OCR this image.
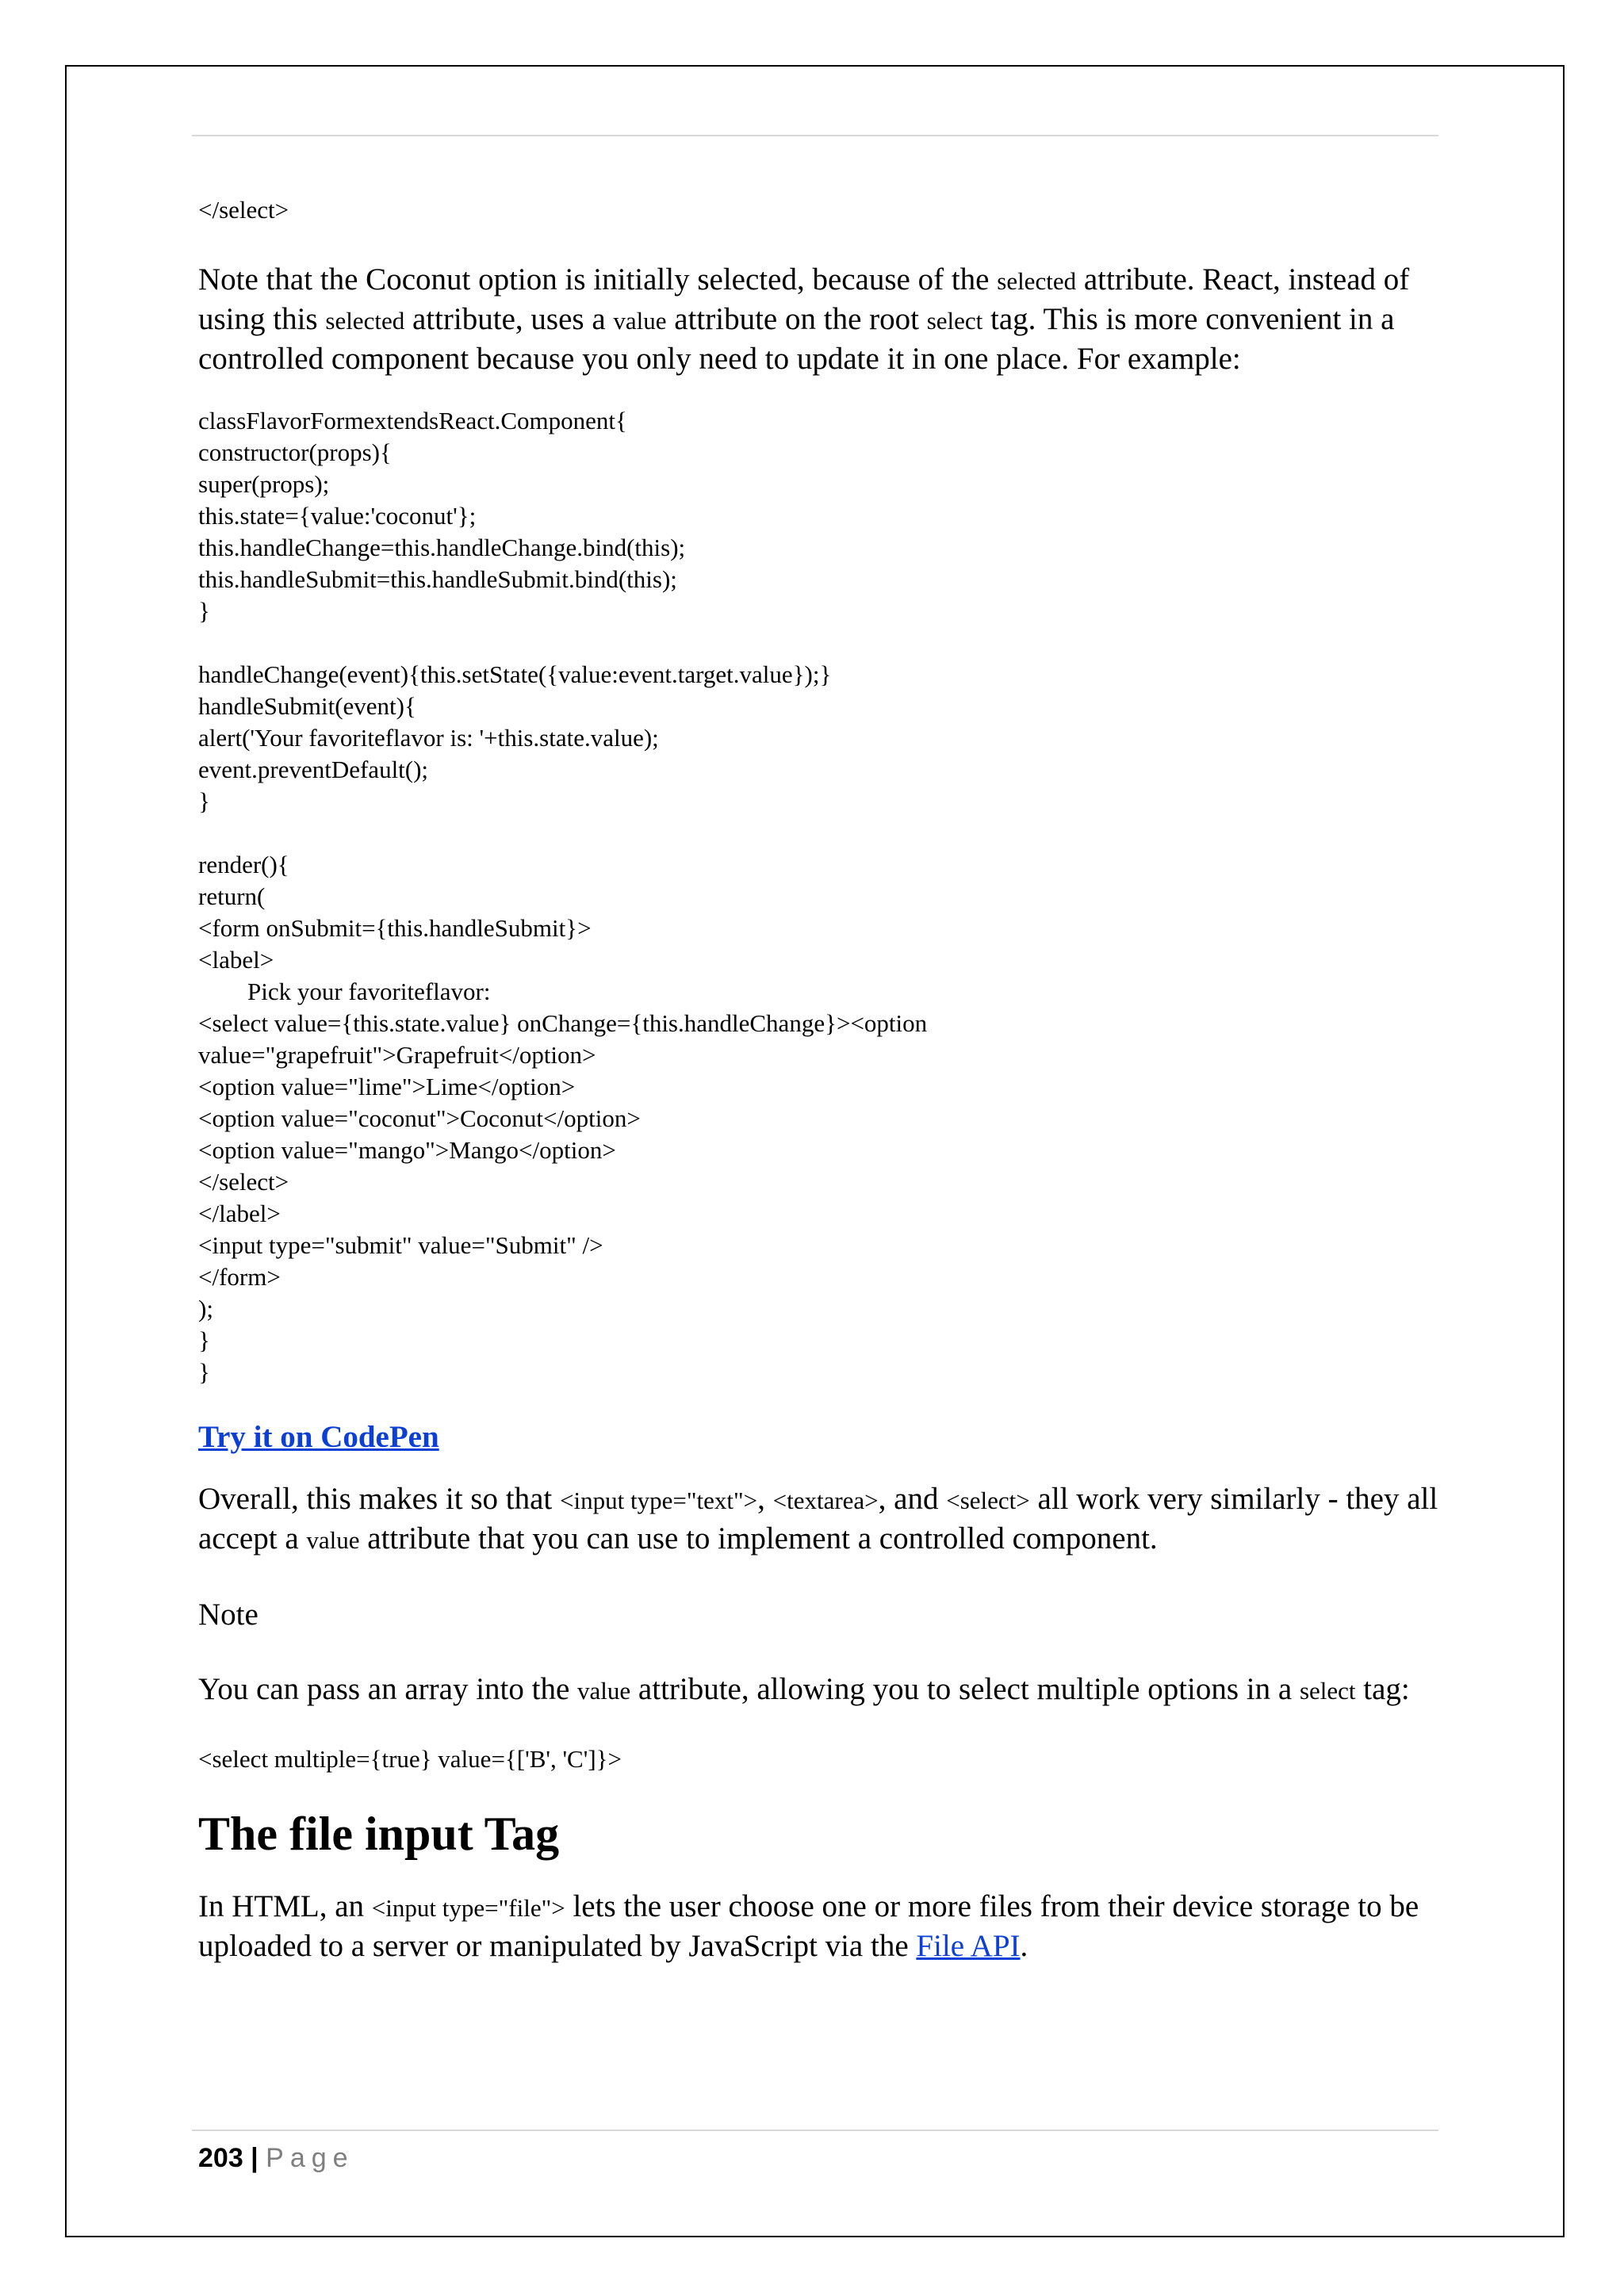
</select>

Note that the Coconut option is initially selected, because of the selected attribute. React, instead of using this selected attribute, uses a value attribute on the root select tag. This is more convenient in a controlled component because you only need to update it in one place. For example:

classFlavorFormextendsReact.Component{
constructor(props){
super(props);
this.state={value:'coconut'};
this.handleChange=this.handleChange.bind(this);
this.handleSubmit=this.handleSubmit.bind(this);
}
handleChange(event){this.setState({value:event.target.value});}
handleSubmit(event){
alert('Your favoriteflavor is: '+this.state.value);
event.preventDefault();
}
render(){
return(
<form onSubmit={this.handleSubmit}>
<label>
Pick your favoriteflavor:
<select value={this.state.value} onChange={this.handleChange}><option
value="grapefruit">Grapefruit</option>
<option value="lime">Lime</option>
<option value="coconut">Coconut</option>
<option value="mango">Mango</option>
</select>
</label>
<input type="submit" value="Submit" />
</form>
);
}
}
Try it on CodePen

Overall, this makes it so that <input type="text">, <textarea>, and <select> all work very similarly - they all accept a value attribute that you can use to implement a controlled component.

Note

You can pass an array into the value attribute, allowing you to select multiple options in a select tag:

<select multiple={true} value={['B', 'C']}>
The file input Tag

In HTML, an <input type="file"> lets the user choose one or more files from their device storage to be uploaded to a server or manipulated by JavaScript via the File API.

203 | Page
